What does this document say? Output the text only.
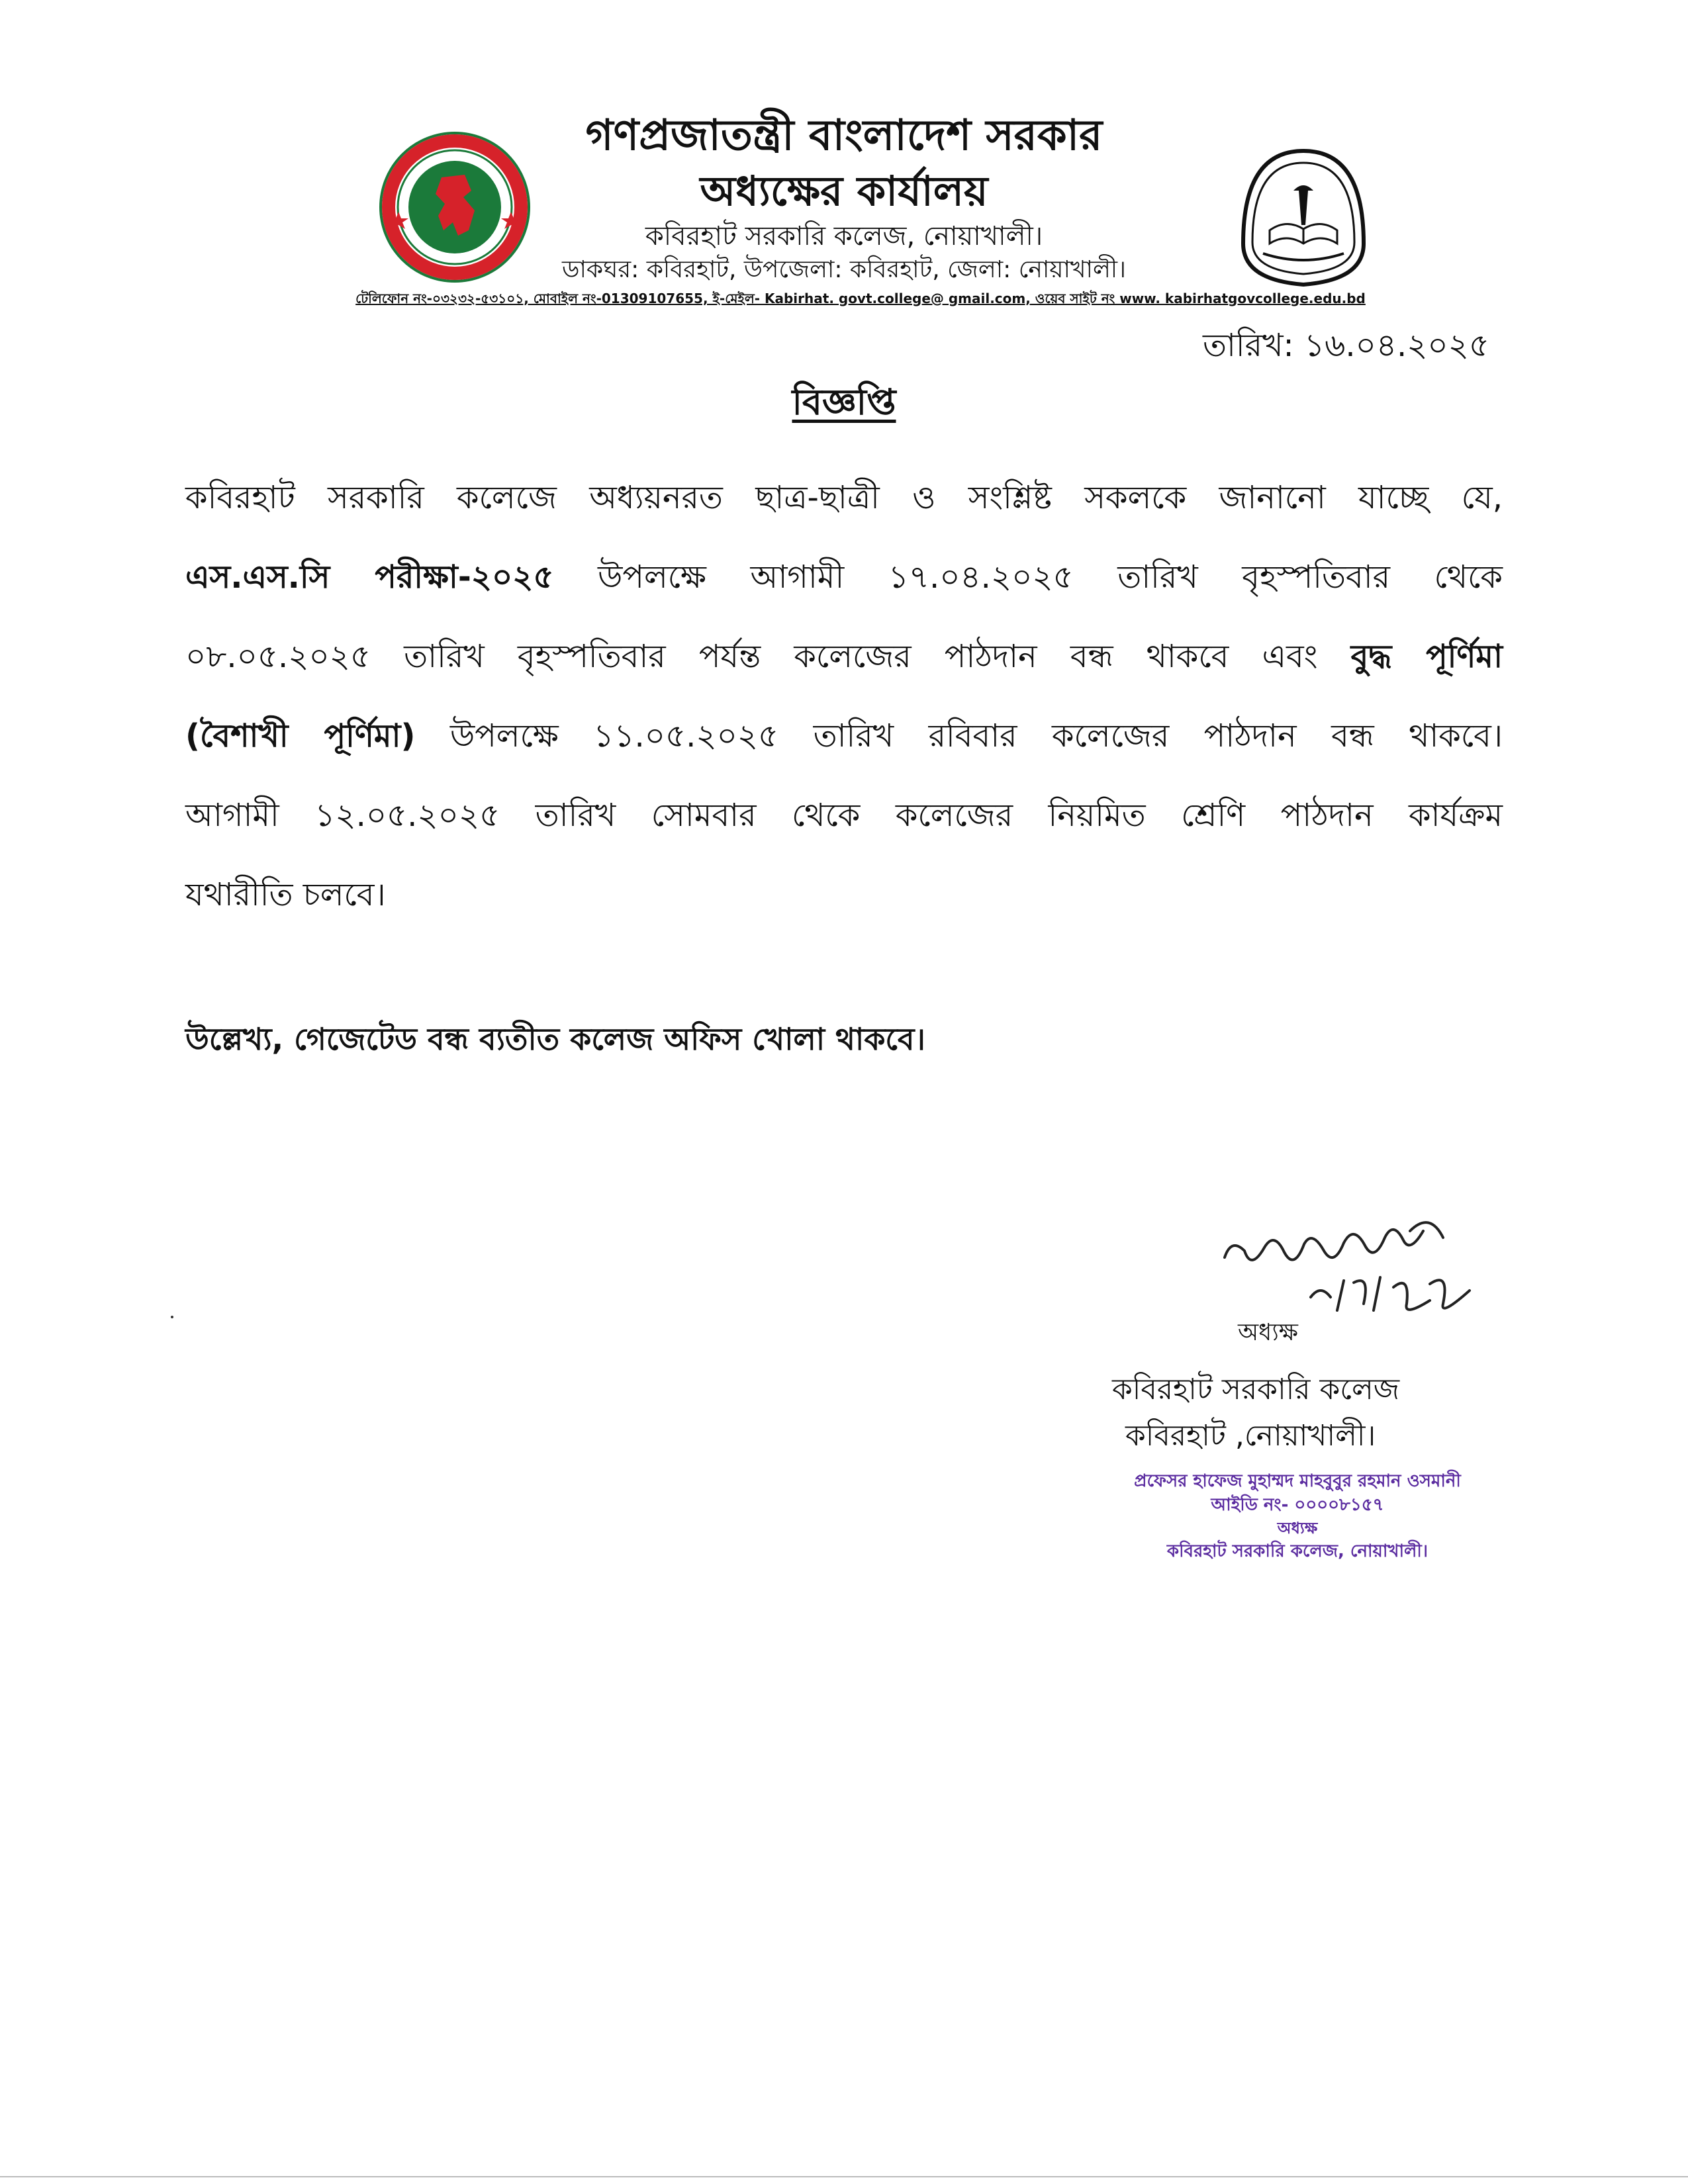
গণপ্রজাতন্ত্রী বাংলাদেশ সরকার
অধ্যক্ষের কার্যালয়
কবিরহাট সরকারি কলেজ, নোয়াখালী।
ডাকঘর: কবিরহাট, উপজেলা: কবিরহাট, জেলা: নোয়াখালী।
টেলিফোন নং-০৩২৩২-৫৩১০১, মোবাইল নং-01309107655, ই-মেইল- Kabirhat. govt.college@ gmail.com, ওয়েব সাইট নং www. kabirhatgovcollege.edu.bd
তারিখ: ১৬.০৪.২০২৫
বিজ্ঞপ্তি
কবিরহাট সরকারি কলেজে অধ্যয়নরত ছাত্র-ছাত্রী ও সংশ্লিষ্ট সকলকে জানানো যাচ্ছে যে,
এস.এস.সি পরীক্ষা-২০২৫ উপলক্ষে আগামী ১৭.০৪.২০২৫ তারিখ বৃহস্পতিবার থেকে
০৮.০৫.২০২৫ তারিখ বৃহস্পতিবার পর্যন্ত কলেজের পাঠদান বন্ধ থাকবে এবং বুদ্ধ পূর্ণিমা
(বৈশাখী পূর্ণিমা) উপলক্ষে ১১.০৫.২০২৫ তারিখ রবিবার কলেজের পাঠদান বন্ধ থাকবে।
আগামী ১২.০৫.২০২৫ তারিখ সোমবার থেকে কলেজের নিয়মিত শ্রেণি পাঠদান কার্যক্রম
যথারীতি চলবে।
উল্লেখ্য, গেজেটেড বন্ধ ব্যতীত কলেজ অফিস খোলা থাকবে।
অধ্যক্ষ
কবিরহাট সরকারি কলেজ
কবিরহাট ,নোয়াখালী।
প্রফেসর হাফেজ মুহাম্মদ মাহবুবুর রহমান ওসমানী
আইডি নং- ০০০০৮১৫৭
অধ্যক্ষ
কবিরহাট সরকারি কলেজ, নোয়াখালী।
